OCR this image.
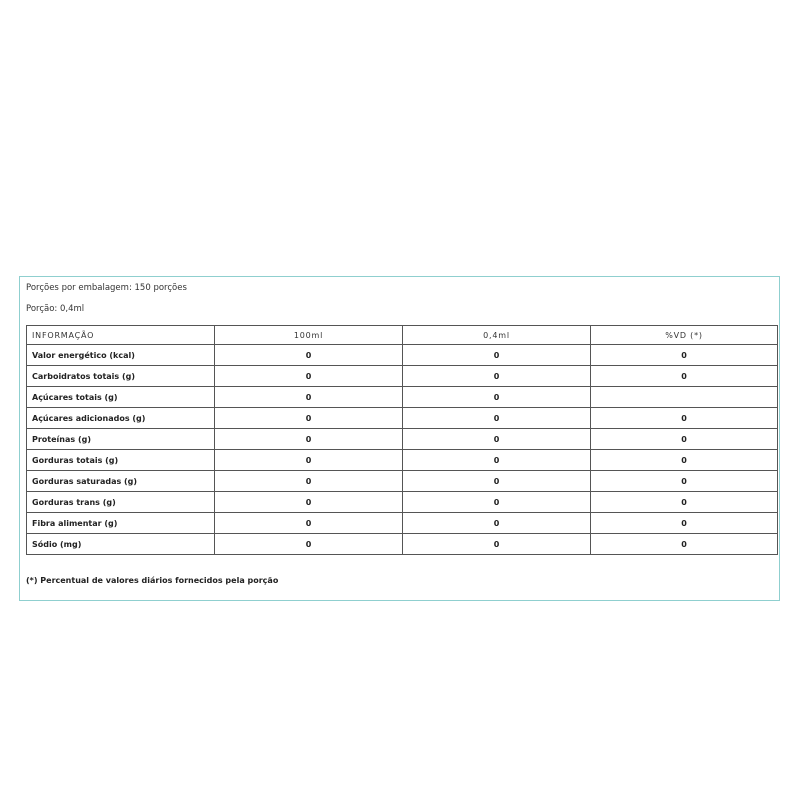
Porções por embalagem: 150 porções
Porção: 0,4ml
INFORMAÇÃO	100ml	0,4ml	%VD (*)
Valor energético (kcal)	0	0	0
Carboidratos totais (g)	0	0	0
Açúcares totais (g)	0	0	
Açúcares adicionados (g)	0	0	0
Proteínas (g)	0	0	0
Gorduras totais (g)	0	0	0
Gorduras saturadas (g)	0	0	0
Gorduras trans (g)	0	0	0
Fibra alimentar (g)	0	0	0
Sódio (mg)	0	0	0
(*) Percentual de valores diários fornecidos pela porção
